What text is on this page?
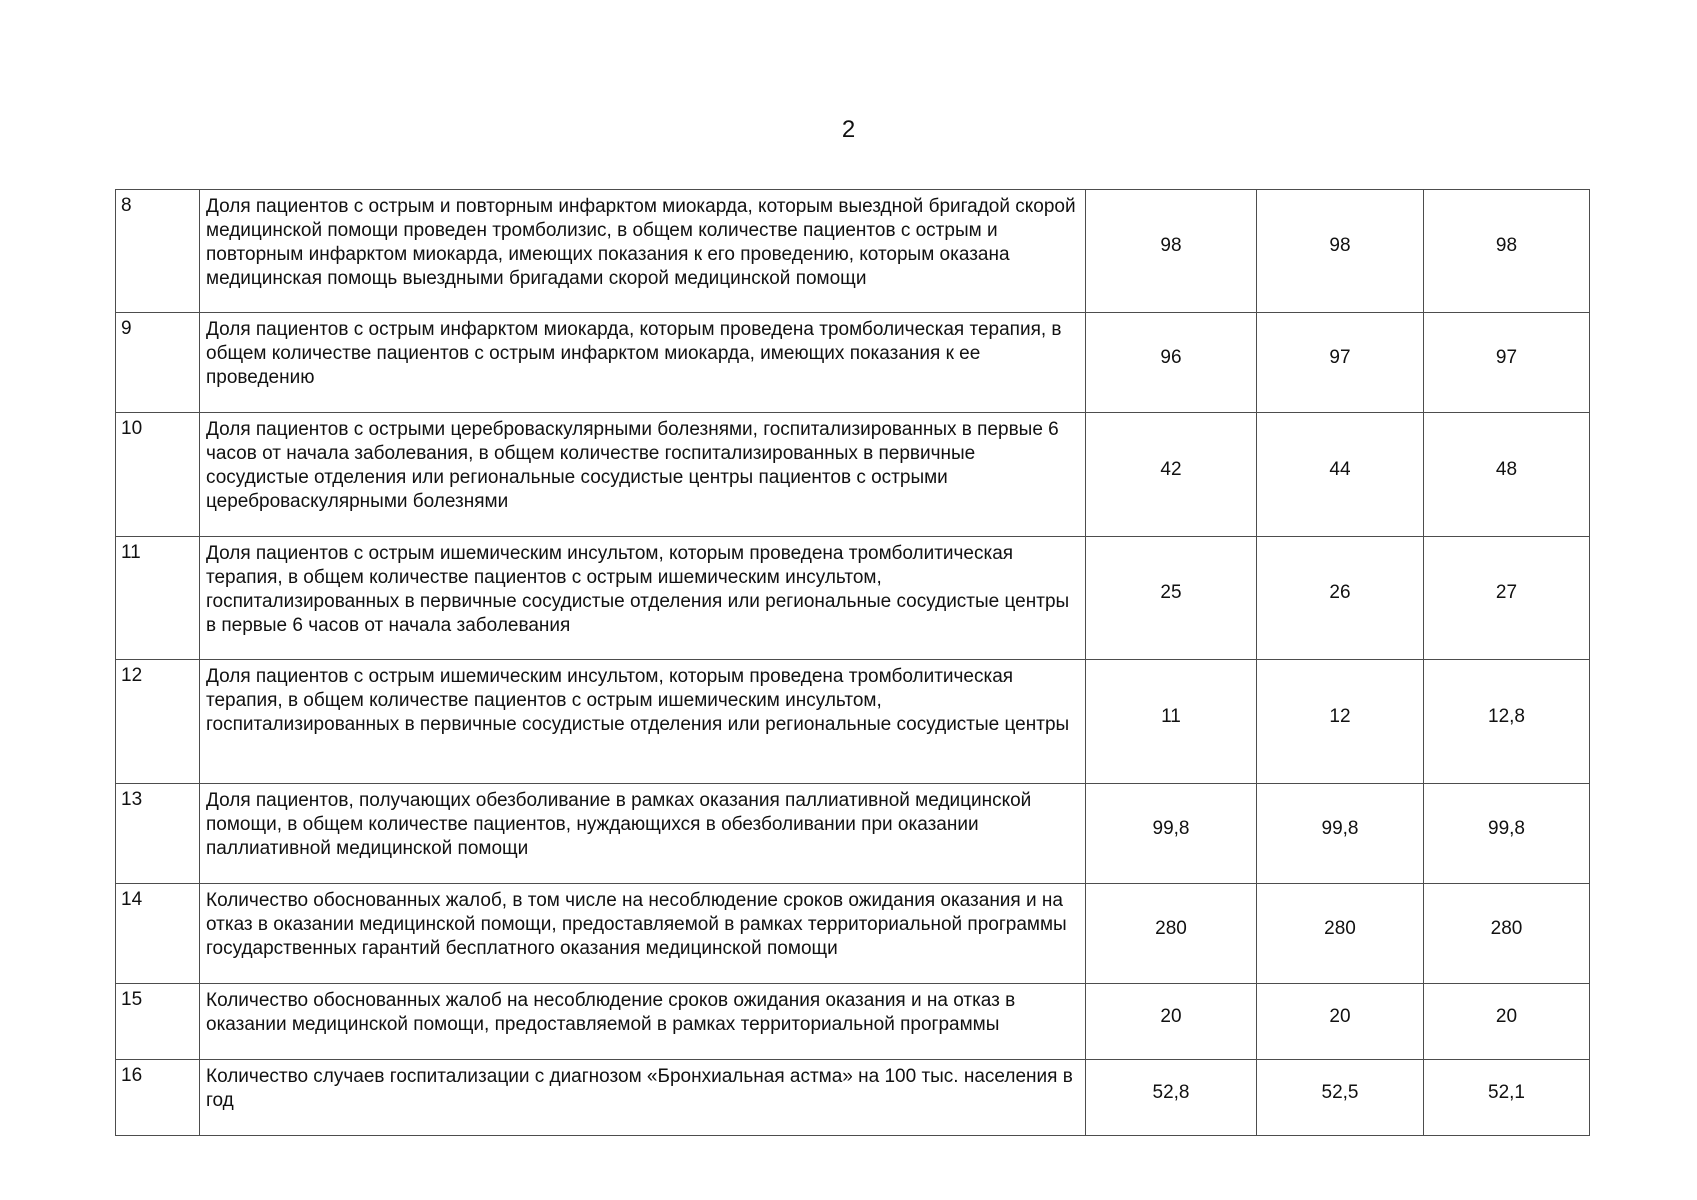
2
8	Доля пациентов с острым и повторным инфарктом миокарда, которым выездной бригадой скорой медицинской помощи проведен тромболизис, в общем количестве пациентов с острым и повторным инфарктом миокарда, имеющих показания к его проведению, которым оказана медицинская помощь выездными бригадами скорой медицинской помощи	98	98	98
9	Доля пациентов с острым инфарктом миокарда, которым проведена тромболическая терапия, в общем количестве пациентов с острым инфарктом миокарда, имеющих показания к ее проведению	96	97	97
10	Доля пациентов с острыми цереброваскулярными болезнями, госпитализированных в первые 6 часов от начала заболевания, в общем количестве госпитализированных в первичные сосудистые отделения или региональные сосудистые центры пациентов с острыми цереброваскулярными болезнями	42	44	48
11	Доля пациентов с острым ишемическим инсультом, которым проведена тромболитическая терапия, в общем количестве пациентов с острым ишемическим инсультом, госпитализированных в первичные сосудистые отделения или региональные сосудистые центры в первые 6 часов от начала заболевания	25	26	27
12	Доля пациентов с острым ишемическим инсультом, которым проведена тромболитическая терапия, в общем количестве пациентов с острым ишемическим инсультом, госпитализированных в первичные сосудистые отделения или региональные сосудистые центры	11	12	12,8
13	Доля пациентов, получающих обезболивание в рамках оказания паллиативной медицинской помощи, в общем количестве пациентов, нуждающихся в обезболивании при оказании паллиативной медицинской помощи	99,8	99,8	99,8
14	Количество обоснованных жалоб, в том числе на несоблюдение сроков ожидания оказания и на отказ в оказании медицинской помощи, предоставляемой в рамках территориальной программы государственных гарантий бесплатного оказания медицинской помощи	280	280	280
15	Количество обоснованных жалоб на несоблюдение сроков ожидания оказания и на отказ в оказании медицинской помощи, предоставляемой в рамках территориальной программы	20	20	20
16	Количество случаев госпитализации с диагнозом «Бронхиальная астма» на 100 тыс. населения в год	52,8	52,5	52,1
